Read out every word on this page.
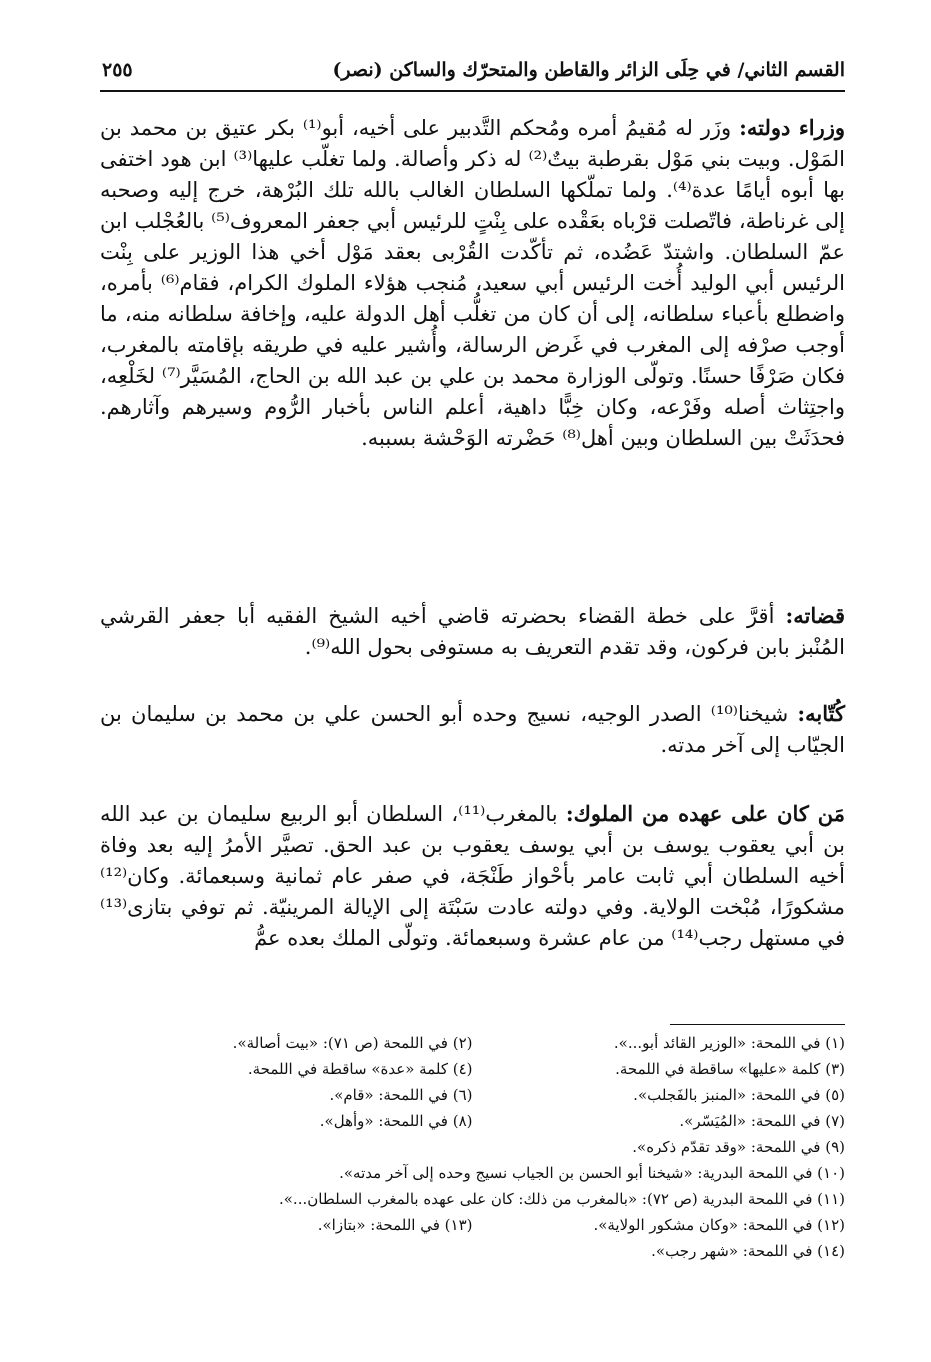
القسم الثاني/ في حِلَى الزائر والقاطن والمتحرّك والساكن (نصر)
٢٥٥

وزراء دولته: وزَر له مُقيمُ أمره ومُحكم التَّدبير على أخيه، أبو⁽¹⁾ بكر عتيق بن محمد بن المَوْل. وبيت بني مَوْل بقرطبة بيتٌ⁽²⁾ له ذكر وأصالة. ولما تغلّب عليها⁽³⁾ ابن هود اختفى بها أبوه أيامًا عدة⁽⁴⁾. ولما تملّكها السلطان الغالب بالله تلك البُرْهة، خرج إليه وصحبه إلى غرناطة، فاتّصلت قرْباه بعَقْده على بِنْتٍ للرئيس أبي جعفر المعروف⁽⁵⁾ بالعُجْلب ابن عمّ السلطان. واشتدّ عَضُده، ثم تأكّدت القُرْبى بعقد مَوْل أخي هذا الوزير على بِنْت الرئيس أبي الوليد أُخت الرئيس أبي سعيد، مُنجب هؤلاء الملوك الكرام، فقام⁽⁶⁾ بأمره، واضطلع بأعباء سلطانه، إلى أن كان من تغلُّب أهل الدولة عليه، وإخافة سلطانه منه، ما أوجب صرْفه إلى المغرب في غَرض الرسالة، وأُشير عليه في طريقه بإقامته بالمغرب، فكان صَرْفًا حسنًا. وتولّى الوزارة محمد بن علي بن عبد الله بن الحاج، المُسَيَّر⁽⁷⁾ لخَلْعِه، واجتِثاث أصله وفَرْعه، وكان خِبًّا داهية، أعلم الناس بأخبار الرُّوم وسيرهم وآثارهم. فحدَثَتْ بين السلطان وبين أهل⁽⁸⁾ حَضْرته الوَحْشة بسببه.

قضاته: أقرَّ على خطة القضاء بحضرته قاضي أخيه الشيخ الفقيه أبا جعفر القرشي المُنْبز بابن فركون، وقد تقدم التعريف به مستوفى بحول الله⁽⁹⁾.

كُتّابه: شيخنا⁽¹⁰⁾ الصدر الوجيه، نسيج وحده أبو الحسن علي بن محمد بن سليمان بن الجيّاب إلى آخر مدته.

مَن كان على عهده من الملوك: بالمغرب⁽¹¹⁾، السلطان أبو الربيع سليمان بن عبد الله بن أبي يعقوب يوسف بن أبي يوسف يعقوب بن عبد الحق. تصيَّر الأمرُ إليه بعد وفاة أخيه السلطان أبي ثابت عامر بأحْواز طَنْجَة، في صفر عام ثمانية وسبعمائة. وكان⁽¹²⁾ مشكورًا، مُبْخت الولاية. وفي دولته عادت سَبْتَة إلى الإيالة المرينيّة. ثم توفي بتازى⁽¹³⁾ في مستهل رجب⁽¹⁴⁾ من عام عشرة وسبعمائة. وتولّى الملك بعده عمُّ

(١) في اللمحة: «الوزير القائد أبو...».
(٢) في اللمحة (ص ٧١): «بيت أصالة».
(٣) كلمة «عليها» ساقطة في اللمحة.
(٤) كلمة «عدة» ساقطة في اللمحة.
(٥) في اللمحة: «المنبز بالفَجلب».
(٦) في اللمحة: «قام».
(٧) في اللمحة: «المُيَسّر».
(٨) في اللمحة: «وأهل».
(٩) في اللمحة: «وقد تقدّم ذكره».
(١٠) في اللمحة البدرية: «شيخنا أبو الحسن بن الجياب نسيج وحده إلى آخر مدته».
(١١) في اللمحة البدرية (ص ٧٢): «بالمغرب من ذلك: كان على عهده بالمغرب السلطان...».
(١٢) في اللمحة: «وكان مشكور الولاية».
(١٣) في اللمحة: «بتازا».
(١٤) في اللمحة: «شهر رجب».
